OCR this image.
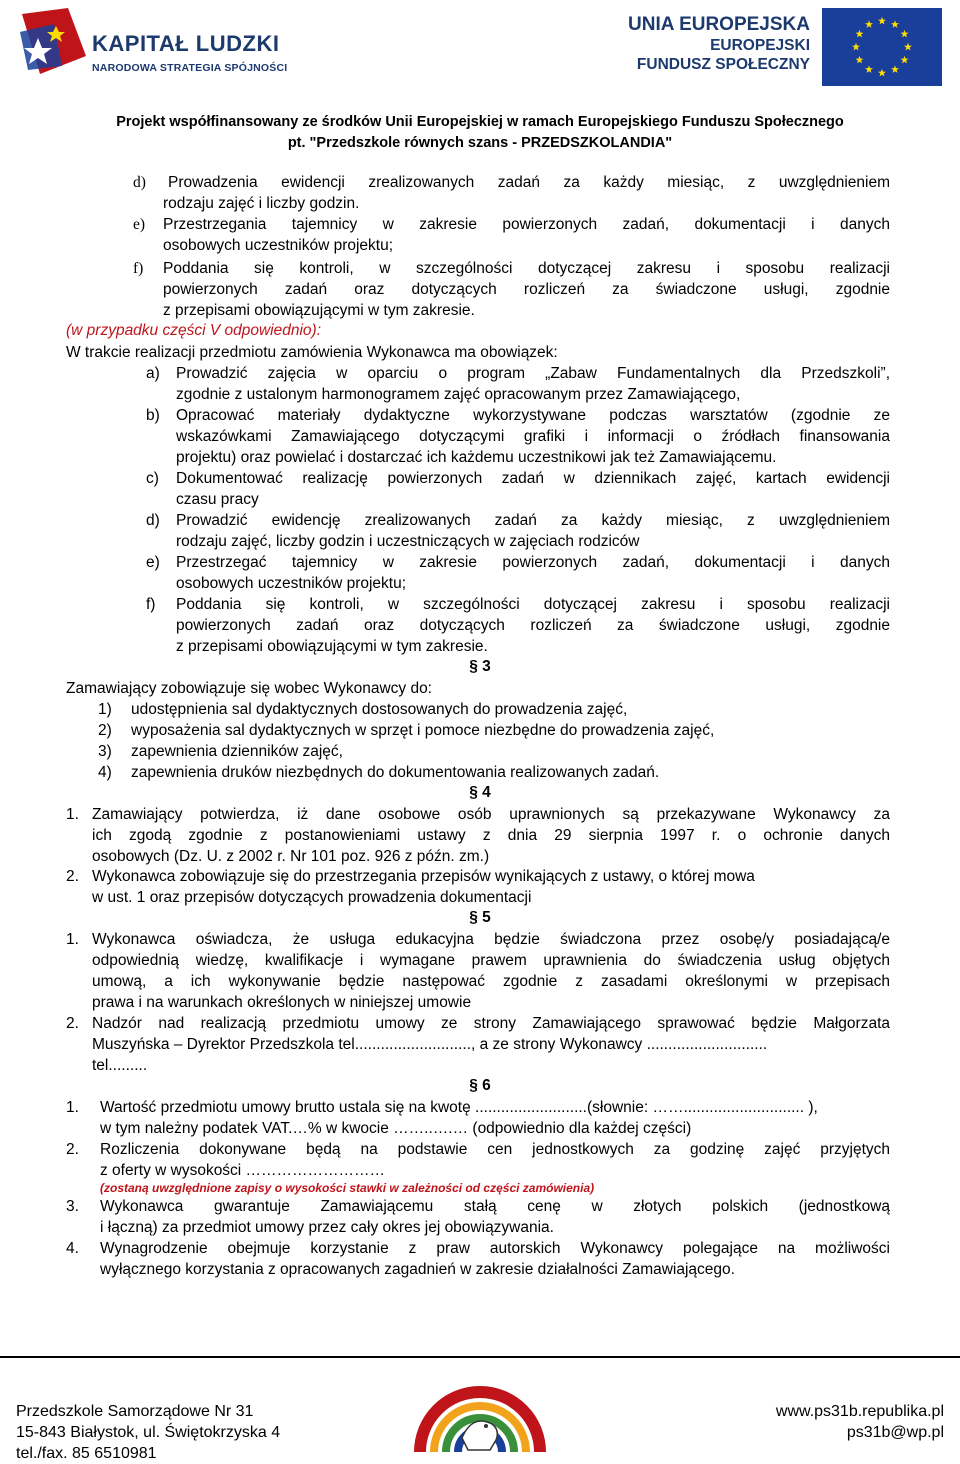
KAPITAŁ LUDZKI
NARODOWA STRATEGIA SPÓJNOŚCI
UNIA EUROPEJSKA
EUROPEJSKI
FUNDUSZ SPOŁECZNY
Projekt współfinansowany ze środków Unii Europejskiej w ramach Europejskiego Funduszu Społecznego
pt. "Przedszkole równych szans - PRZEDSZKOLANDIA"
d) Prowadzenia ewidencji zrealizowanych zadań za każdy miesiąc, z uwzględnieniem
rodzaju zajęć i liczby godzin.
e) Przestrzegania tajemnicy w zakresie powierzonych zadań, dokumentacji i danych
osobowych uczestników projektu;
f) Poddania się kontroli, w szczególności dotyczącej zakresu i sposobu realizacji
powierzonych zadań oraz dotyczących rozliczeń za świadczone usługi, zgodnie
z przepisami obowiązującymi w tym zakresie.
(w przypadku części V odpowiednio):
W trakcie realizacji przedmiotu zamówienia Wykonawca ma obowiązek:
a) Prowadzić zajęcia w oparciu o program „Zabaw Fundamentalnych dla Przedszkoli”,
zgodnie z ustalonym harmonogramem zajęć opracowanym przez Zamawiającego,
b) Opracować materiały dydaktyczne wykorzystywane podczas warsztatów (zgodnie ze
wskazówkami Zamawiającego dotyczącymi grafiki i informacji o źródłach finansowania
projektu) oraz powielać i dostarczać ich każdemu uczestnikowi jak też Zamawiającemu.
c) Dokumentować realizację powierzonych zadań w dziennikach zajęć, kartach ewidencji
czasu pracy
d) Prowadzić ewidencję zrealizowanych zadań za każdy miesiąc, z uwzględnieniem
rodzaju zajęć, liczby godzin i uczestniczących w zajęciach rodziców
e) Przestrzegać tajemnicy w zakresie powierzonych zadań, dokumentacji i danych
osobowych uczestników projektu;
f) Poddania się kontroli, w szczególności dotyczącej zakresu i sposobu realizacji
powierzonych zadań oraz dotyczących rozliczeń za świadczone usługi, zgodnie
z przepisami obowiązującymi w tym zakresie.
§ 3
Zamawiający zobowiązuje się wobec Wykonawcy do:
1) udostępnienia sal dydaktycznych dostosowanych do prowadzenia zajęć,
2) wyposażenia sal dydaktycznych w sprzęt i pomoce niezbędne do prowadzenia zajęć,
3) zapewnienia dzienników zajęć,
4) zapewnienia druków niezbędnych do dokumentowania realizowanych zadań.
§ 4
1. Zamawiający potwierdza, iż dane osobowe osób uprawnionych są przekazywane Wykonawcy za
ich zgodą zgodnie z postanowieniami ustawy z dnia 29 sierpnia 1997 r. o ochronie danych
osobowych (Dz. U. z 2002 r. Nr 101 poz. 926 z późn. zm.)
2. Wykonawca zobowiązuje się do przestrzegania przepisów wynikających z ustawy, o której mowa
w ust. 1 oraz przepisów dotyczących prowadzenia dokumentacji
§ 5
1. Wykonawca oświadcza, że usługa edukacyjna będzie świadczona przez osobę/y posiadającą/e
odpowiednią wiedzę, kwalifikacje i wymagane prawem uprawnienia do świadczenia usług objętych
umową, a ich wykonywanie będzie następować zgodnie z zasadami określonymi w przepisach
prawa i na warunkach określonych w niniejszej umowie
2. Nadzór nad realizacją przedmiotu umowy ze strony Zamawiającego sprawować będzie Małgorzata
Muszyńska – Dyrektor Przedszkola tel..........................., a ze strony Wykonawcy ............................
tel.........
§ 6
1. Wartość przedmiotu umowy brutto ustala się na kwotę ..........................(słownie: ……............................ ),
w tym należny podatek VAT.…% w kwocie ……..….… (odpowiednio dla każdej części)
2. Rozliczenia dokonywane będą na podstawie cen jednostkowych za godzinę zajęć przyjętych
z oferty w wysokości ………………………
(zostaną uwzględnione zapisy o wysokości stawki w zależności od części zamówienia)
3. Wykonawca gwarantuje Zamawiającemu stałą cenę w złotych polskich (jednostkową
i łączną) za przedmiot umowy przez cały okres jej obowiązywania.
4. Wynagrodzenie obejmuje korzystanie z praw autorskich Wykonawcy polegające na możliwości
wyłącznego korzystania z opracowanych zagadnień w zakresie działalności Zamawiającego.
Przedszkole Samorządowe Nr 31
15-843 Białystok, ul. Świętokrzyska 4
tel./fax. 85 6510981
www.ps31b.republika.pl
ps31b@wp.pl
